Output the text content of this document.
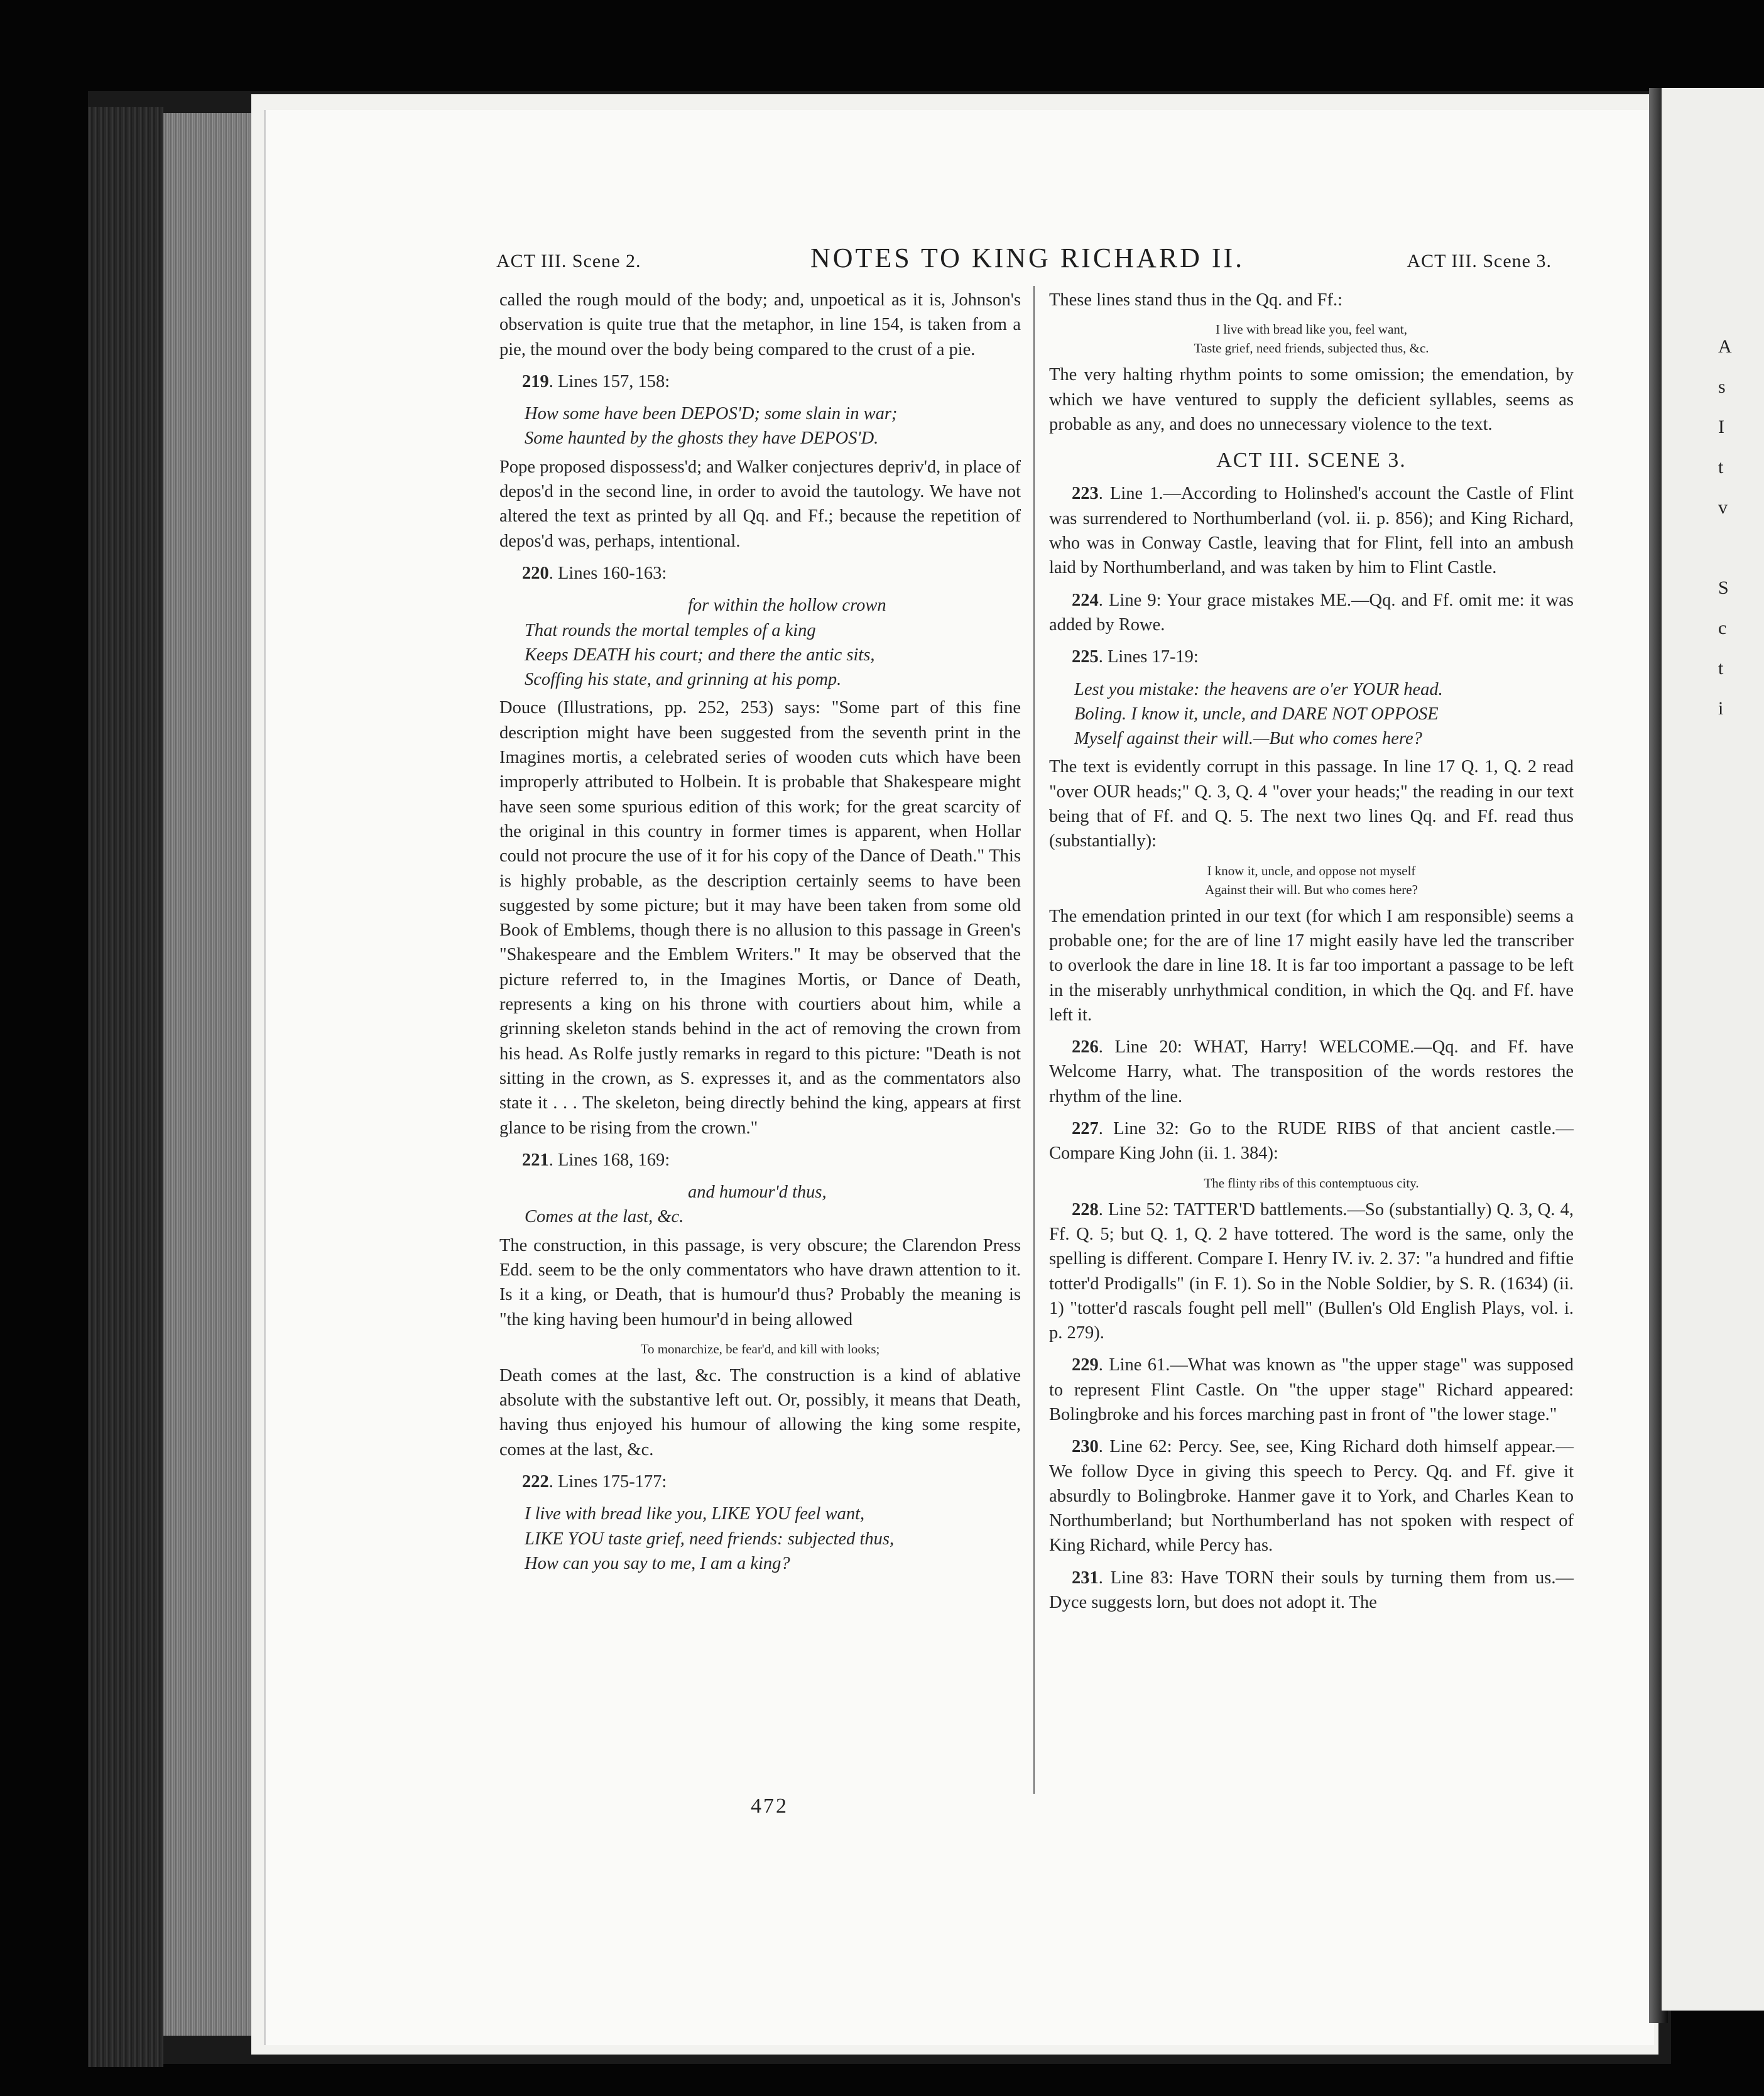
A
s
I
t
v

S
c
t
i
ACT III. Scene 2.	NOTES TO KING RICHARD II.	ACT III. Scene 3.

called the rough mould of the body; and, unpoetical as it is, Johnson's observation is quite true that the metaphor, in line 154, is taken from a pie, the mound over the body being compared to the crust of a pie.

219. Lines 157, 158:

How some have been DEPOS'D; some slain in war;
Some haunted by the ghosts they have DEPOS'D.

Pope proposed dispossess'd; and Walker conjectures depriv'd, in place of depos'd in the second line, in order to avoid the tautology. We have not altered the text as printed by all Qq. and Ff.; because the repetition of depos'd was, perhaps, intentional.

220. Lines 160-163:

for within the hollow crown
That rounds the mortal temples of a king
Keeps DEATH his court; and there the antic sits,
Scoffing his state, and grinning at his pomp.

Douce (Illustrations, pp. 252, 253) says: "Some part of this fine description might have been suggested from the seventh print in the Imagines mortis, a celebrated series of wooden cuts which have been improperly attributed to Holbein. It is probable that Shakespeare might have seen some spurious edition of this work; for the great scarcity of the original in this country in former times is apparent, when Hollar could not procure the use of it for his copy of the Dance of Death." This is highly probable, as the description certainly seems to have been suggested by some picture; but it may have been taken from some old Book of Emblems, though there is no allusion to this passage in Green's "Shakespeare and the Emblem Writers." It may be observed that the picture referred to, in the Imagines Mortis, or Dance of Death, represents a king on his throne with courtiers about him, while a grinning skeleton stands behind in the act of removing the crown from his head. As Rolfe justly remarks in regard to this picture: "Death is not sitting in the crown, as S. expresses it, and as the commentators also state it . . . The skeleton, being directly behind the king, appears at first glance to be rising from the crown."

221. Lines 168, 169:

and humour'd thus,
Comes at the last, &c.

The construction, in this passage, is very obscure; the Clarendon Press Edd. seem to be the only commentators who have drawn attention to it. Is it a king, or Death, that is humour'd thus? Probably the meaning is "the king having been humour'd in being allowed

To monarchize, be fear'd, and kill with looks;

Death comes at the last, &c. The construction is a kind of ablative absolute with the substantive left out. Or, possibly, it means that Death, having thus enjoyed his humour of allowing the king some respite, comes at the last, &c.

222. Lines 175-177:

I live with bread like you, LIKE YOU feel want,
LIKE YOU taste grief, need friends: subjected thus,
How can you say to me, I am a king?

These lines stand thus in the Qq. and Ff.:

I live with bread like you, feel want,
Taste grief, need friends, subjected thus, &c.

The very halting rhythm points to some omission; the emendation, by which we have ventured to supply the deficient syllables, seems as probable as any, and does no unnecessary violence to the text.

ACT III. SCENE 3.

223. Line 1.—According to Holinshed's account the Castle of Flint was surrendered to Northumberland (vol. ii. p. 856); and King Richard, who was in Conway Castle, leaving that for Flint, fell into an ambush laid by Northumberland, and was taken by him to Flint Castle.

224. Line 9: Your grace mistakes ME.—Qq. and Ff. omit me: it was added by Rowe.

225. Lines 17-19:

Lest you mistake: the heavens are o'er YOUR head.
Boling. I know it, uncle, and DARE NOT OPPOSE
Myself against their will.—But who comes here?

The text is evidently corrupt in this passage. In line 17 Q. 1, Q. 2 read "over OUR heads;" Q. 3, Q. 4 "over your heads;" the reading in our text being that of Ff. and Q. 5. The next two lines Qq. and Ff. read thus (substantially):

I know it, uncle, and oppose not myself
Against their will. But who comes here?

The emendation printed in our text (for which I am responsible) seems a probable one; for the are of line 17 might easily have led the transcriber to overlook the dare in line 18. It is far too important a passage to be left in the miserably unrhythmical condition, in which the Qq. and Ff. have left it.

226. Line 20: WHAT, Harry! WELCOME.—Qq. and Ff. have Welcome Harry, what. The transposition of the words restores the rhythm of the line.

227. Line 32: Go to the RUDE RIBS of that ancient castle.—Compare King John (ii. 1. 384):

The flinty ribs of this contemptuous city.

228. Line 52: TATTER'D battlements.—So (substantially) Q. 3, Q. 4, Ff. Q. 5; but Q. 1, Q. 2 have tottered. The word is the same, only the spelling is different. Compare I. Henry IV. iv. 2. 37: "a hundred and fiftie totter'd Prodigalls" (in F. 1). So in the Noble Soldier, by S. R. (1634) (ii. 1) "totter'd rascals fought pell mell" (Bullen's Old English Plays, vol. i. p. 279).

229. Line 61.—What was known as "the upper stage" was supposed to represent Flint Castle. On "the upper stage" Richard appeared: Bolingbroke and his forces marching past in front of "the lower stage."

230. Line 62: Percy. See, see, King Richard doth himself appear.—We follow Dyce in giving this speech to Percy. Qq. and Ff. give it absurdly to Bolingbroke. Hanmer gave it to York, and Charles Kean to Northumberland; but Northumberland has not spoken with respect of King Richard, while Percy has.

231. Line 83: Have TORN their souls by turning them from us.—Dyce suggests lorn, but does not adopt it. The

472
